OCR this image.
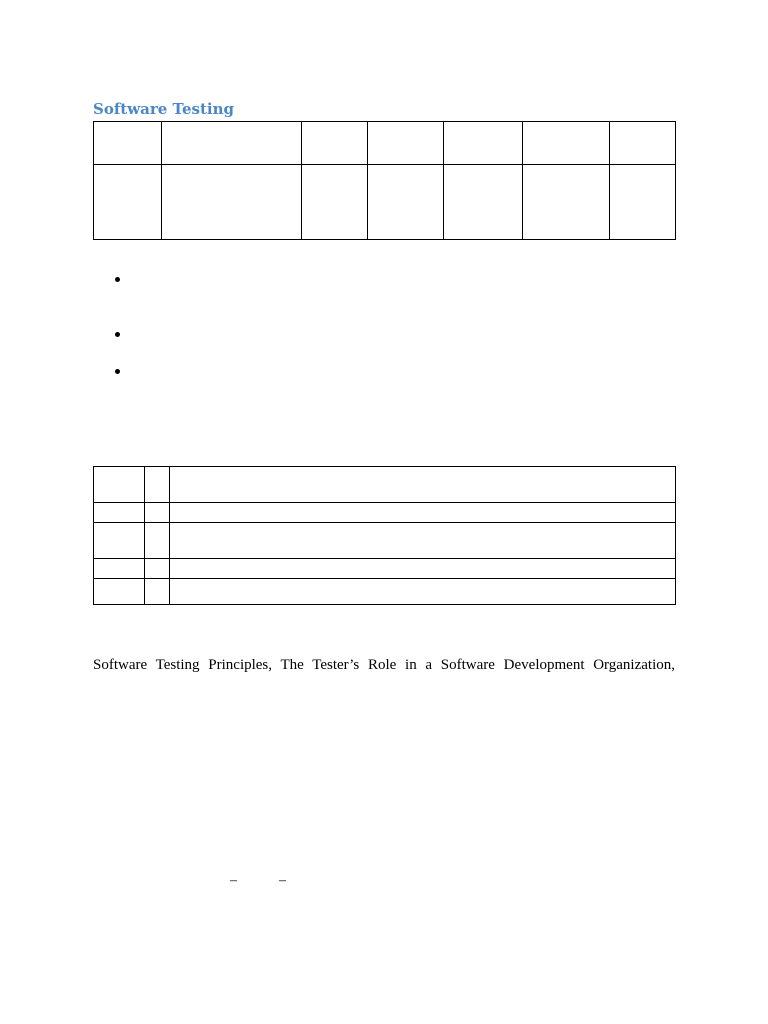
Software Testing

Software Testing Principles, The Tester’s Role in a Software Development Organization,

–	–
